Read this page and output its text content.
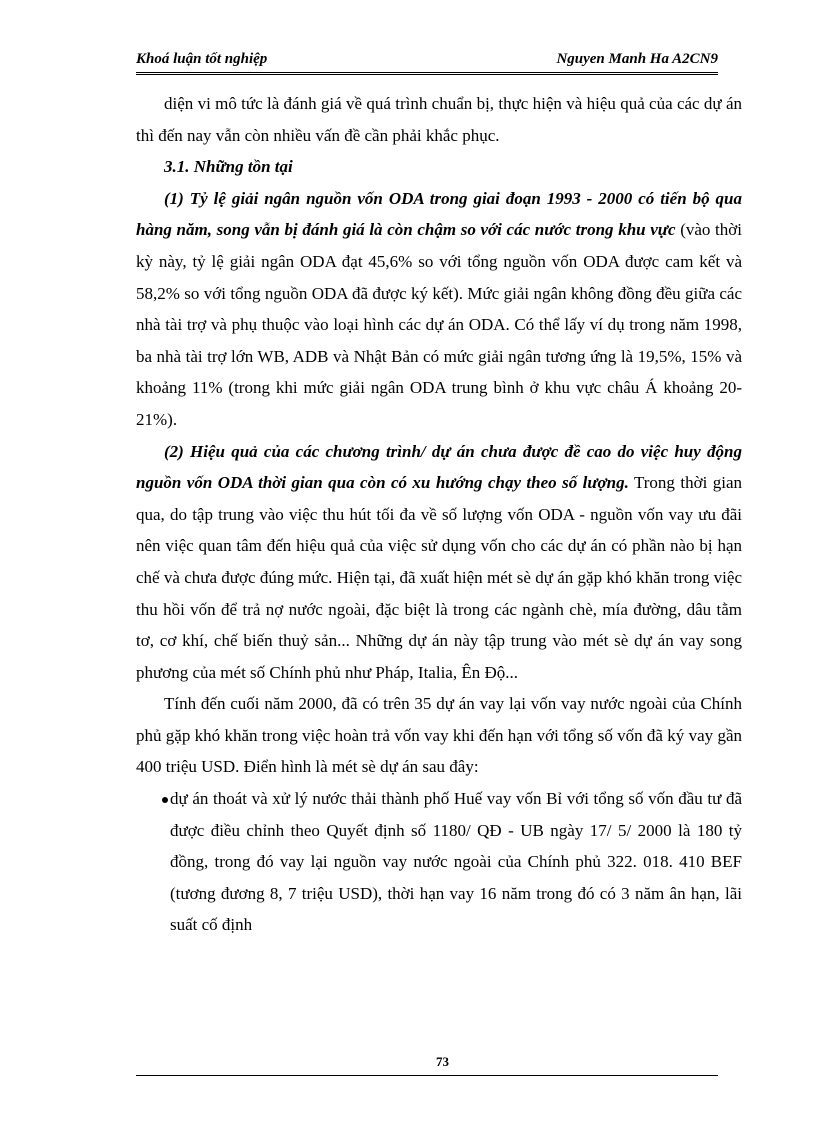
Khoá luận tốt nghiệp	Nguyen Manh Ha A2CN9

diện vi mô tức là đánh giá về quá trình chuẩn bị, thực hiện và hiệu quả của các dự án thì đến nay vẫn còn nhiều vấn đề cần phải khắc phục.

3.1. Những tồn tại

(1) Tỷ lệ giải ngân nguồn vốn ODA trong giai đoạn 1993 - 2000 có tiến bộ qua hàng năm, song vẫn bị đánh giá là còn chậm so với các nước trong khu vực (vào thời kỳ này, tỷ lệ giải ngân ODA đạt 45,6% so với tổng nguồn vốn ODA được cam kết và 58,2% so với tổng nguồn ODA đã được ký kết). Mức giải ngân không đồng đều giữa các nhà tài trợ và phụ thuộc vào loại hình các dự án ODA. Có thể lấy ví dụ trong năm 1998, ba nhà tài trợ lớn WB, ADB và Nhật Bản có mức giải ngân tương ứng là 19,5%, 15% và khoảng 11% (trong khi mức giải ngân ODA trung bình ở khu vực châu Á khoảng 20-21%).

(2) Hiệu quả của các chương trình/ dự án chưa được đề cao do việc huy động nguồn vốn ODA thời gian qua còn có xu hướng chạy theo số lượng. Trong thời gian qua, do tập trung vào việc thu hút tối đa về số lượng vốn ODA - nguồn vốn vay ưu đãi nên việc quan tâm đến hiệu quả của việc sử dụng vốn cho các dự án có phần nào bị hạn chế và chưa được đúng mức. Hiện tại, đã xuất hiện mét sè dự án gặp khó khăn trong việc thu hồi vốn để trả nợ nước ngoài, đặc biệt là trong các ngành chè, mía đường, dâu tằm tơ, cơ khí, chế biến thuỷ sản... Những dự án này tập trung vào mét sè dự án vay song phương của mét số Chính phủ như Pháp, Italia, Ên Độ...

Tính đến cuối năm 2000, đã có trên 35 dự án vay lại vốn vay nước ngoài của Chính phủ gặp khó khăn trong việc hoàn trả vốn vay khi đến hạn với tổng số vốn đã ký vay gần 400 triệu USD. Điển hình là mét sè dự án sau đây:

dự án thoát và xử lý nước thải thành phố Huế vay vốn Bỉ với tổng số vốn đầu tư đã được điều chỉnh theo Quyết định số 1180/ QĐ - UB ngày 17/ 5/ 2000 là 180 tỷ đồng, trong đó vay lại nguồn vay nước ngoài của Chính phủ 322. 018. 410 BEF (tương đương 8, 7 triệu USD), thời hạn vay 16 năm trong đó có 3 năm ân hạn, lãi suất cố định

73
